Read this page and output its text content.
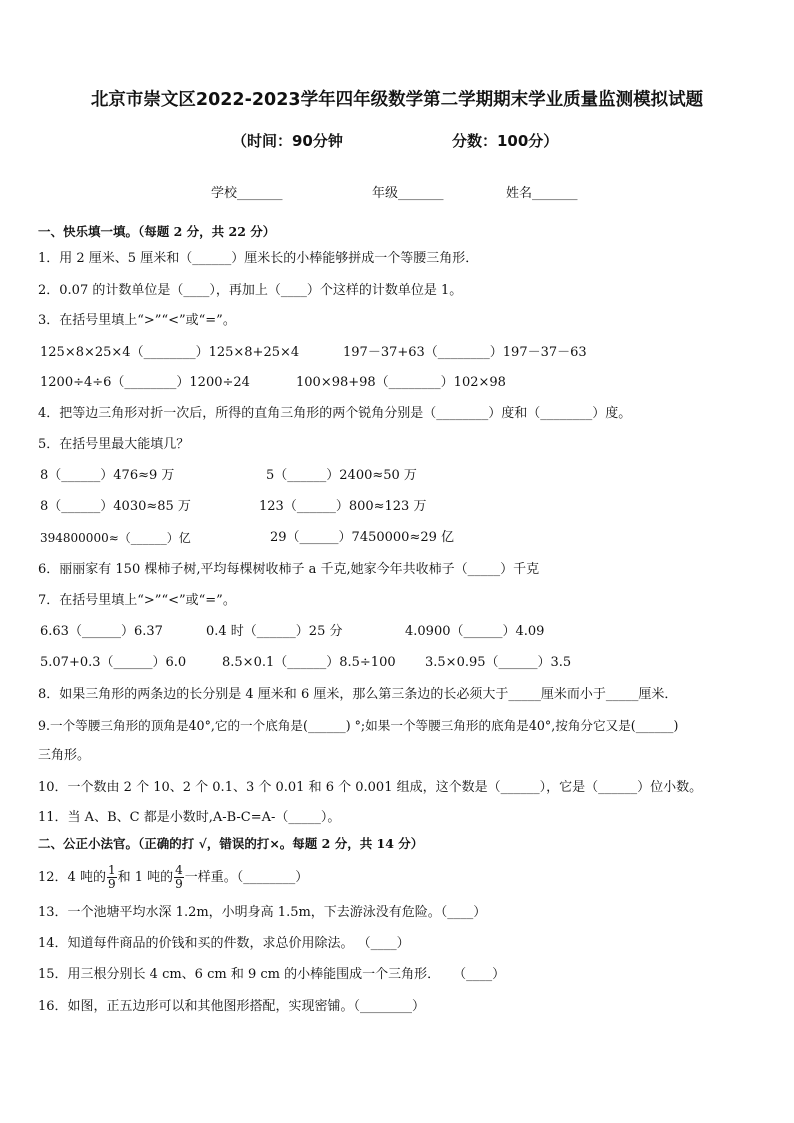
北京市崇文区2022-2023学年四年级数学第二学期期末学业质量监测模拟试题
（时间：90分钟	分数：100分）
学校_______	年级_______	姓名_______
一、快乐填一填。（每题 2 分，共 22 分）
1．用 2 厘米、5 厘米和（______）厘米长的小棒能够拼成一个等腰三角形．
2．0.07 的计数单位是（____），再加上（____）个这样的计数单位是 1。
3．在括号里填上“>”“<”或“=”。
125×8×25×4（________）125×8+25×4	197－37+63（________）197－37－63
1200÷4÷6（________）1200÷24	100×98+98（________）102×98
4．把等边三角形对折一次后，所得的直角三角形的两个锐角分别是（________）度和（________）度。
5．在括号里最大能填几？
8（______）476≈9 万	5（______）2400≈50 万
8（______）4030≈85 万	123（______）800≈123 万
394800000≈（______）亿	29（______）7450000≈29 亿
6．丽丽家有 150 棵柿子树,平均每棵树收柿子 a 千克,她家今年共收柿子（_____）千克
7．在括号里填上“>”“<”或“=”。
6.63（______）6.37	0.4 时（______）25 分	4.0900（______）4.09
5.07+0.3（______）6.0	8.5×0.1（______）8.5÷100 3.5×0.95（______）3.5
8．如果三角形的两条边的长分别是 4 厘米和 6 厘米，那么第三条边的长必须大于_____厘米而小于_____厘米．
9.一个等腰三角形的顶角是40°,它的一个底角是(______) °;如果一个等腰三角形的底角是40°,按角分它又是(______)
三角形。
10．一个数由 2 个 10、2 个 0.1、3 个 0.01 和 6 个 0.001 组成，这个数是（______），它是（______）位小数。
11．当 A、B、C 都是小数时,A-B-C=A-（_____）。
二、公正小法官。（正确的打 √，错误的打×。每题 2 分，共 14 分）
12．4 吨的 $\frac{1}{9}$ 和 1 吨的 $\frac{4}{9}$ 一样重。（________）
13．一个池塘平均水深 1.2m，小明身高 1.5m，下去游泳没有危险。（____）
14．知道每件商品的价钱和买的件数，求总价用除法。 （____）
15．用三根分别长 4 cm、6 cm 和 9 cm 的小棒能围成一个三角形．　　（____）
16．如图，正五边形可以和其他图形搭配，实现密铺。（________）
